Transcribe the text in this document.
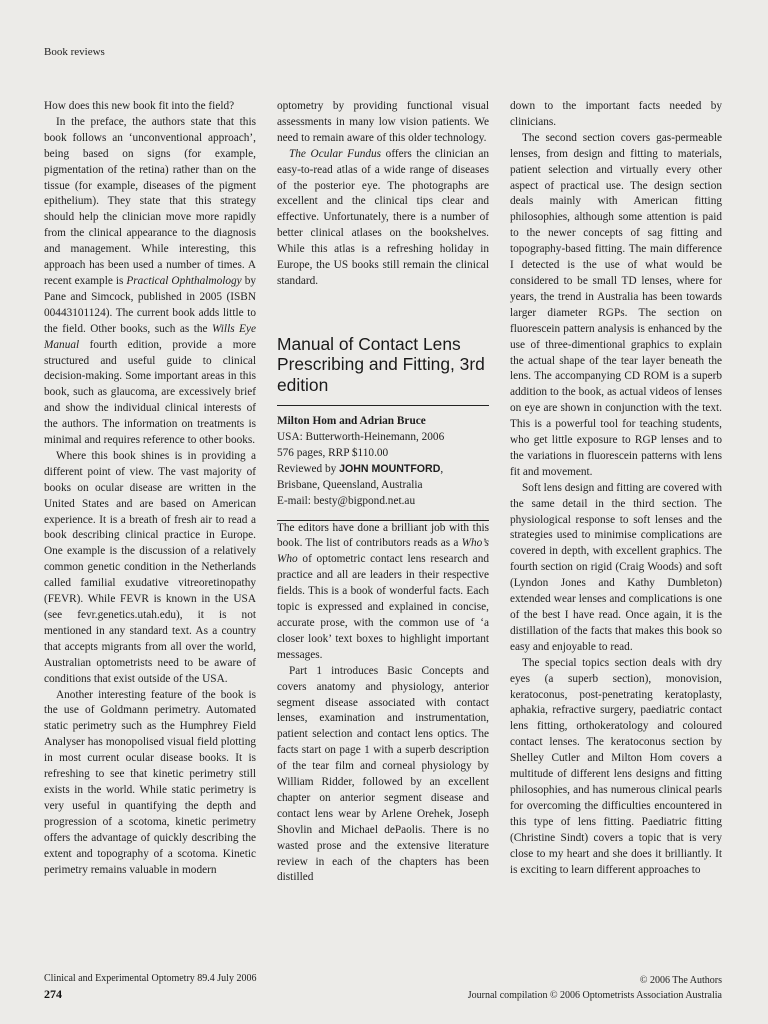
Book reviews

How does this new book fit into the field?

In the preface, the authors state that this book follows an ‘unconventional approach’, being based on signs (for example, pigmentation of the retina) rather than on the tissue (for example, diseases of the pigment epithelium). They state that this strategy should help the clinician move more rapidly from the clinical appearance to the diagnosis and management. While interesting, this approach has been used a number of times. A recent example is Practical Ophthalmology by Pane and Simcock, published in 2005 (ISBN 00443101124). The current book adds little to the field. Other books, such as the Wills Eye Manual fourth edition, provide a more structured and useful guide to clinical decision-making. Some important areas in this book, such as glaucoma, are excessively brief and show the individual clinical interests of the authors. The information on treatments is minimal and requires reference to other books.

Where this book shines is in providing a different point of view. The vast majority of books on ocular disease are written in the United States and are based on American experience. It is a breath of fresh air to read a book describing clinical practice in Europe. One example is the discussion of a relatively common genetic condition in the Netherlands called familial exudative vitreoretinopathy (FEVR). While FEVR is known in the USA (see fevr.genetics.utah.edu), it is not mentioned in any standard text. As a country that accepts migrants from all over the world, Australian optometrists need to be aware of conditions that exist outside of the USA.

Another interesting feature of the book is the use of Goldmann perimetry. Automated static perimetry such as the Humphrey Field Analyser has monopolised visual field plotting in most current ocular disease books. It is refreshing to see that kinetic perimetry still exists in the world. While static perimetry is very useful in quantifying the depth and progression of a scotoma, kinetic perimetry offers the advantage of quickly describing the extent and topography of a scotoma. Kinetic perimetry remains valuable in modern

optometry by providing functional visual assessments in many low vision patients. We need to remain aware of this older technology.

The Ocular Fundus offers the clinician an easy-to-read atlas of a wide range of diseases of the posterior eye. The photographs are excellent and the clinical tips clear and effective. Unfortunately, there is a number of better clinical atlases on the bookshelves. While this atlas is a refreshing holiday in Europe, the US books still remain the clinical standard.

Manual of Contact Lens Prescribing and Fitting, 3rd edition
Milton Hom and Adrian Bruce
USA: Butterworth-Heinemann, 2006
576 pages, RRP $110.00
Reviewed by JOHN MOUNTFORD,
Brisbane, Queensland, Australia
E-mail: besty@bigpond.net.au

The editors have done a brilliant job with this book. The list of contributors reads as a Who’s Who of optometric contact lens research and practice and all are leaders in their respective fields. This is a book of wonderful facts. Each topic is expressed and explained in concise, accurate prose, with the common use of ‘a closer look’ text boxes to highlight important messages.

Part 1 introduces Basic Concepts and covers anatomy and physiology, anterior segment disease associated with contact lenses, examination and instrumentation, patient selection and contact lens optics. The facts start on page 1 with a superb description of the tear film and corneal physiology by William Ridder, followed by an excellent chapter on anterior segment disease and contact lens wear by Arlene Orehek, Joseph Shovlin and Michael dePaolis. There is no wasted prose and the extensive literature review in each of the chapters has been distilled

down to the important facts needed by clinicians.

The second section covers gas-permeable lenses, from design and fitting to materials, patient selection and virtually every other aspect of practical use. The design section deals mainly with American fitting philosophies, although some attention is paid to the newer concepts of sag fitting and topography-based fitting. The main difference I detected is the use of what would be considered to be small TD lenses, where for years, the trend in Australia has been towards larger diameter RGPs. The section on fluorescein pattern analysis is enhanced by the use of three-dimentional graphics to explain the actual shape of the tear layer beneath the lens. The accompanying CD ROM is a superb addition to the book, as actual videos of lenses on eye are shown in conjunction with the text. This is a powerful tool for teaching students, who get little exposure to RGP lenses and to the variations in fluorescein patterns with lens fit and movement.

Soft lens design and fitting are covered with the same detail in the third section. The physiological response to soft lenses and the strategies used to minimise complications are covered in depth, with excellent graphics. The fourth section on rigid (Craig Woods) and soft (Lyndon Jones and Kathy Dumbleton) extended wear lenses and complications is one of the best I have read. Once again, it is the distillation of the facts that makes this book so easy and enjoyable to read.

The special topics section deals with dry eyes (a superb section), monovision, keratoconus, post-penetrating keratoplasty, aphakia, refractive surgery, paediatric contact lens fitting, orthokeratology and coloured contact lenses. The keratoconus section by Shelley Cutler and Milton Hom covers a multitude of different lens designs and fitting philosophies, and has numerous clinical pearls for overcoming the difficulties encountered in this type of lens fitting. Paediatric fitting (Christine Sindt) covers a topic that is very close to my heart and she does it brilliantly. It is exciting to learn different approaches to

Clinical and Experimental Optometry 89.4 July 2006
274
© 2006 The Authors
Journal compilation © 2006 Optometrists Association Australia
